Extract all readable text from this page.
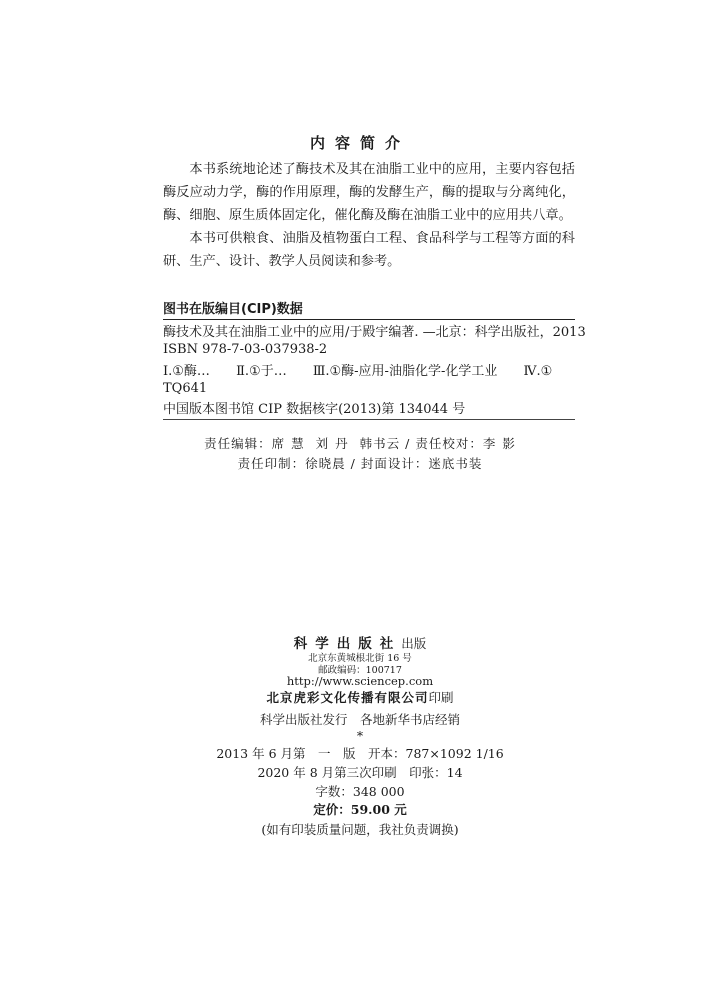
内容简介

本书系统地论述了酶技术及其在油脂工业中的应用，主要内容包括酶反应动力学，酶的作用原理，酶的发酵生产，酶的提取与分离纯化，酶、细胞、原生质体固定化，催化酶及酶在油脂工业中的应用共八章。

本书可供粮食、油脂及植物蛋白工程、食品科学与工程等方面的科研、生产、设计、教学人员阅读和参考。

图书在版编目(CIP)数据
酶技术及其在油脂工业中的应用/于殿宇编著. —北京：科学出版社，2013
ISBN 978-7-03-037938-2
Ⅰ.①酶… Ⅱ.①于… Ⅲ.①酶-应用-油脂化学-化学工业 Ⅳ.①
TQ641
中国版本图书馆 CIP 数据核字(2013)第 134044 号
责任编辑：席 慧 刘 丹 韩书云 / 责任校对：李 影
责任印制：徐晓晨 / 封面设计：迷底书装
科学出版社出版
北京东黄城根北街 16 号
邮政编码：100717
http://www.sciencep.com
北京虎彩文化传播有限公司印刷
科学出版社发行　各地新华书店经销
*
2013 年 6 月第　一　版　开本：787×1092 1/16
2020 年 8 月第三次印刷　印张：14
字数：348 000
定价：59.00 元
(如有印装质量问题，我社负责调换)
